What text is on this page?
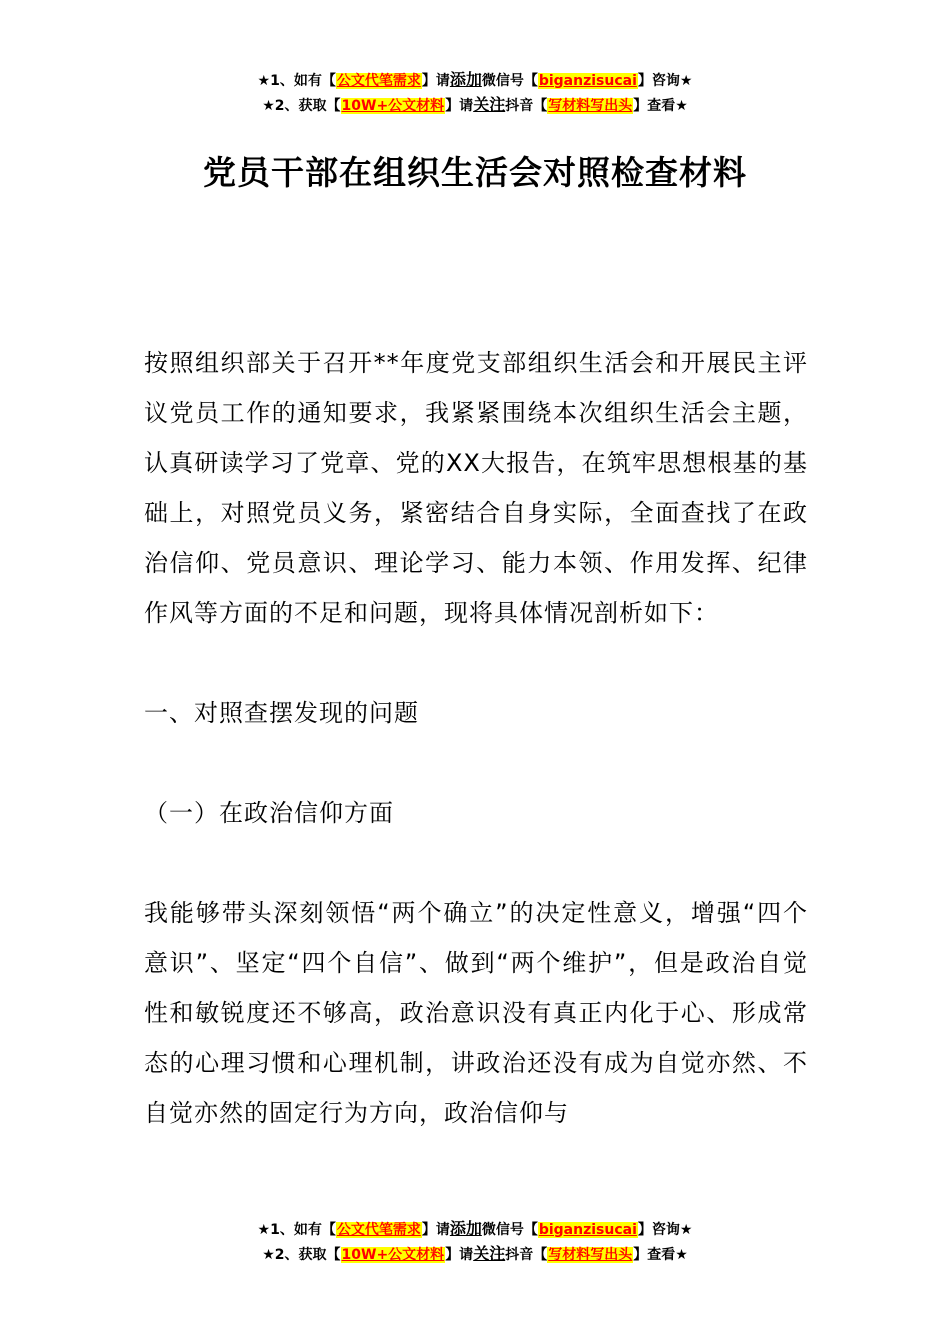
★1、如有【公文代笔需求】请添加微信号【biganzisucai】咨询★
★2、获取【10W+公文材料】请关注抖音【写材料写出头】查看★
党员干部在组织生活会对照检查材料

按照组织部关于召开**年度党支部组织生活会和开展民主评议党员工作的通知要求，我紧紧围绕本次组织生活会主题，认真研读学习了党章、党的XX大报告，在筑牢思想根基的基础上，对照党员义务，紧密结合自身实际，全面查找了在政治信仰、党员意识、理论学习、能力本领、作用发挥、纪律作风等方面的不足和问题，现将具体情况剖析如下：

一、对照查摆发现的问题

（一）在政治信仰方面

我能够带头深刻领悟“两个确立”的决定性意义，增强“四个意识”、坚定“四个自信”、做到“两个维护”，但是政治自觉性和敏锐度还不够高，政治意识没有真正内化于心、形成常态的心理习惯和心理机制，讲政治还没有成为自觉亦然、不自觉亦然的固定行为方向，政治信仰与

★1、如有【公文代笔需求】请添加微信号【biganzisucai】咨询★
★2、获取【10W+公文材料】请关注抖音【写材料写出头】查看★
